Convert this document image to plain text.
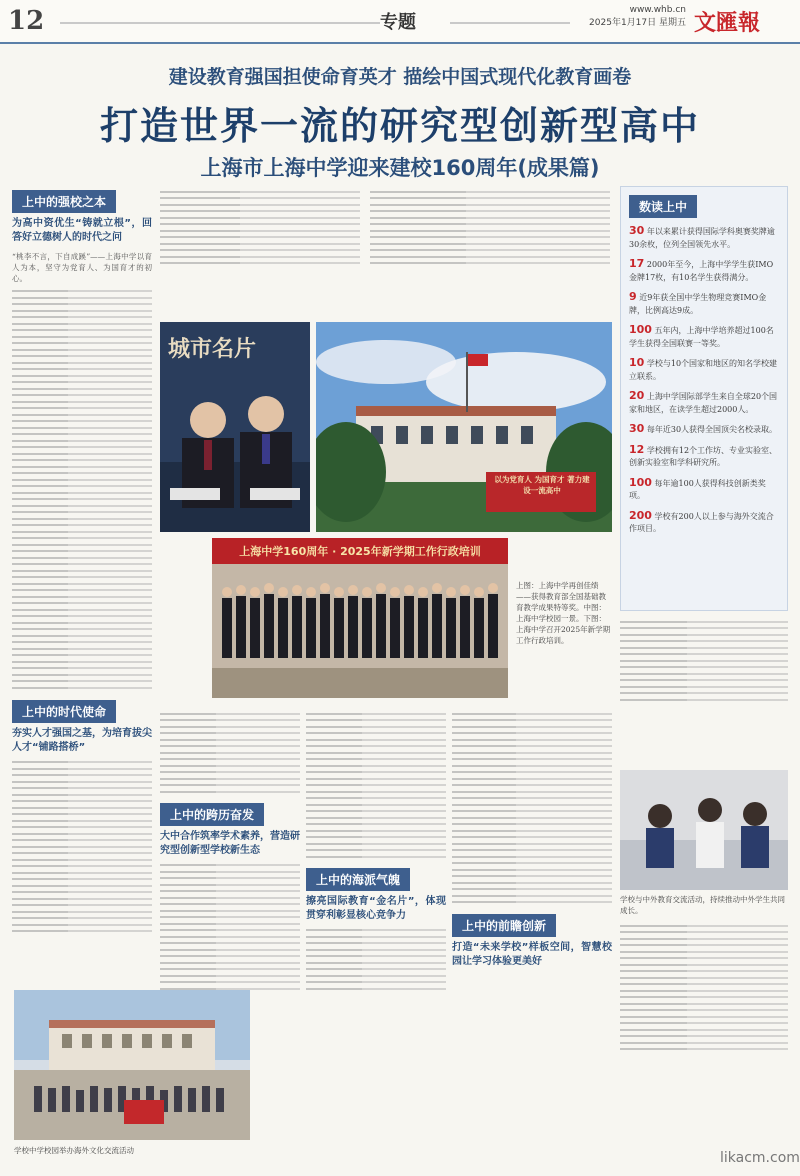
12	专题
www.whb.cn
2025年1月17日 星期五 文匯報
建设教育强国担使命育英才 描绘中国式现代化教育画卷
打造世界一流的研究型创新型高中
上海市上海中学迎来建校160周年(成果篇)
上中的强校之本
为高中资优生“铸就立根”，回答好立德树人的时代之问
“桃李不言，下自成蹊”——上海中学以育人为本，坚守为党育人、为国育才的初心。
上中的时代使命
夯实人才强国之基，为培育拔尖人才“铺路搭桥”
学校中学校园举办海外文化交流活动
城市名片
以为党育人 为国育才 著力建设一流高中
上海中学160周年 · 2025年新学期工作行政培训
上图：上海中学再创佳绩——获得教育部全国基础教育教学成果特等奖。中图：上海中学校园一景。下图：上海中学召开2025年新学期工作行政培训。
数读上中
30 年以来累计获得国际学科奥赛奖牌逾30余枚，位列全国领先水平。
17 2000年至今，上海中学学生获IMO金牌17枚，有10名学生获得满分。
9 近9年获全国中学生物理竞赛IMO金牌，比例高达9成。
100 五年内，上海中学培养超过100名学生获得全国联赛一等奖。
10 学校与10个国家和地区的知名学校建立联系。
20 上海中学国际部学生来自全球20个国家和地区，在读学生超过2000人。
30 每年近30人获得全国顶尖名校录取。
12 学校拥有12个工作坊、专业实验室、创新实验室和学科研究所。
100 每年逾100人获得科技创新类奖项。
200 学校有200人以上参与海外交流合作项目。
上中的跨历奋发
大中合作筑率学术素养，营造研究型创新型学校新生态
上中的海派气魄
擦亮国际教育“金名片”，体现贯穿利彰显核心竞争力
上中的前瞻创新
打造“未来学校”样板空间，智慧校园让学习体验更美好
学校与中外教育交流活动，持续推动中外学生共同成长。
likacm.com
